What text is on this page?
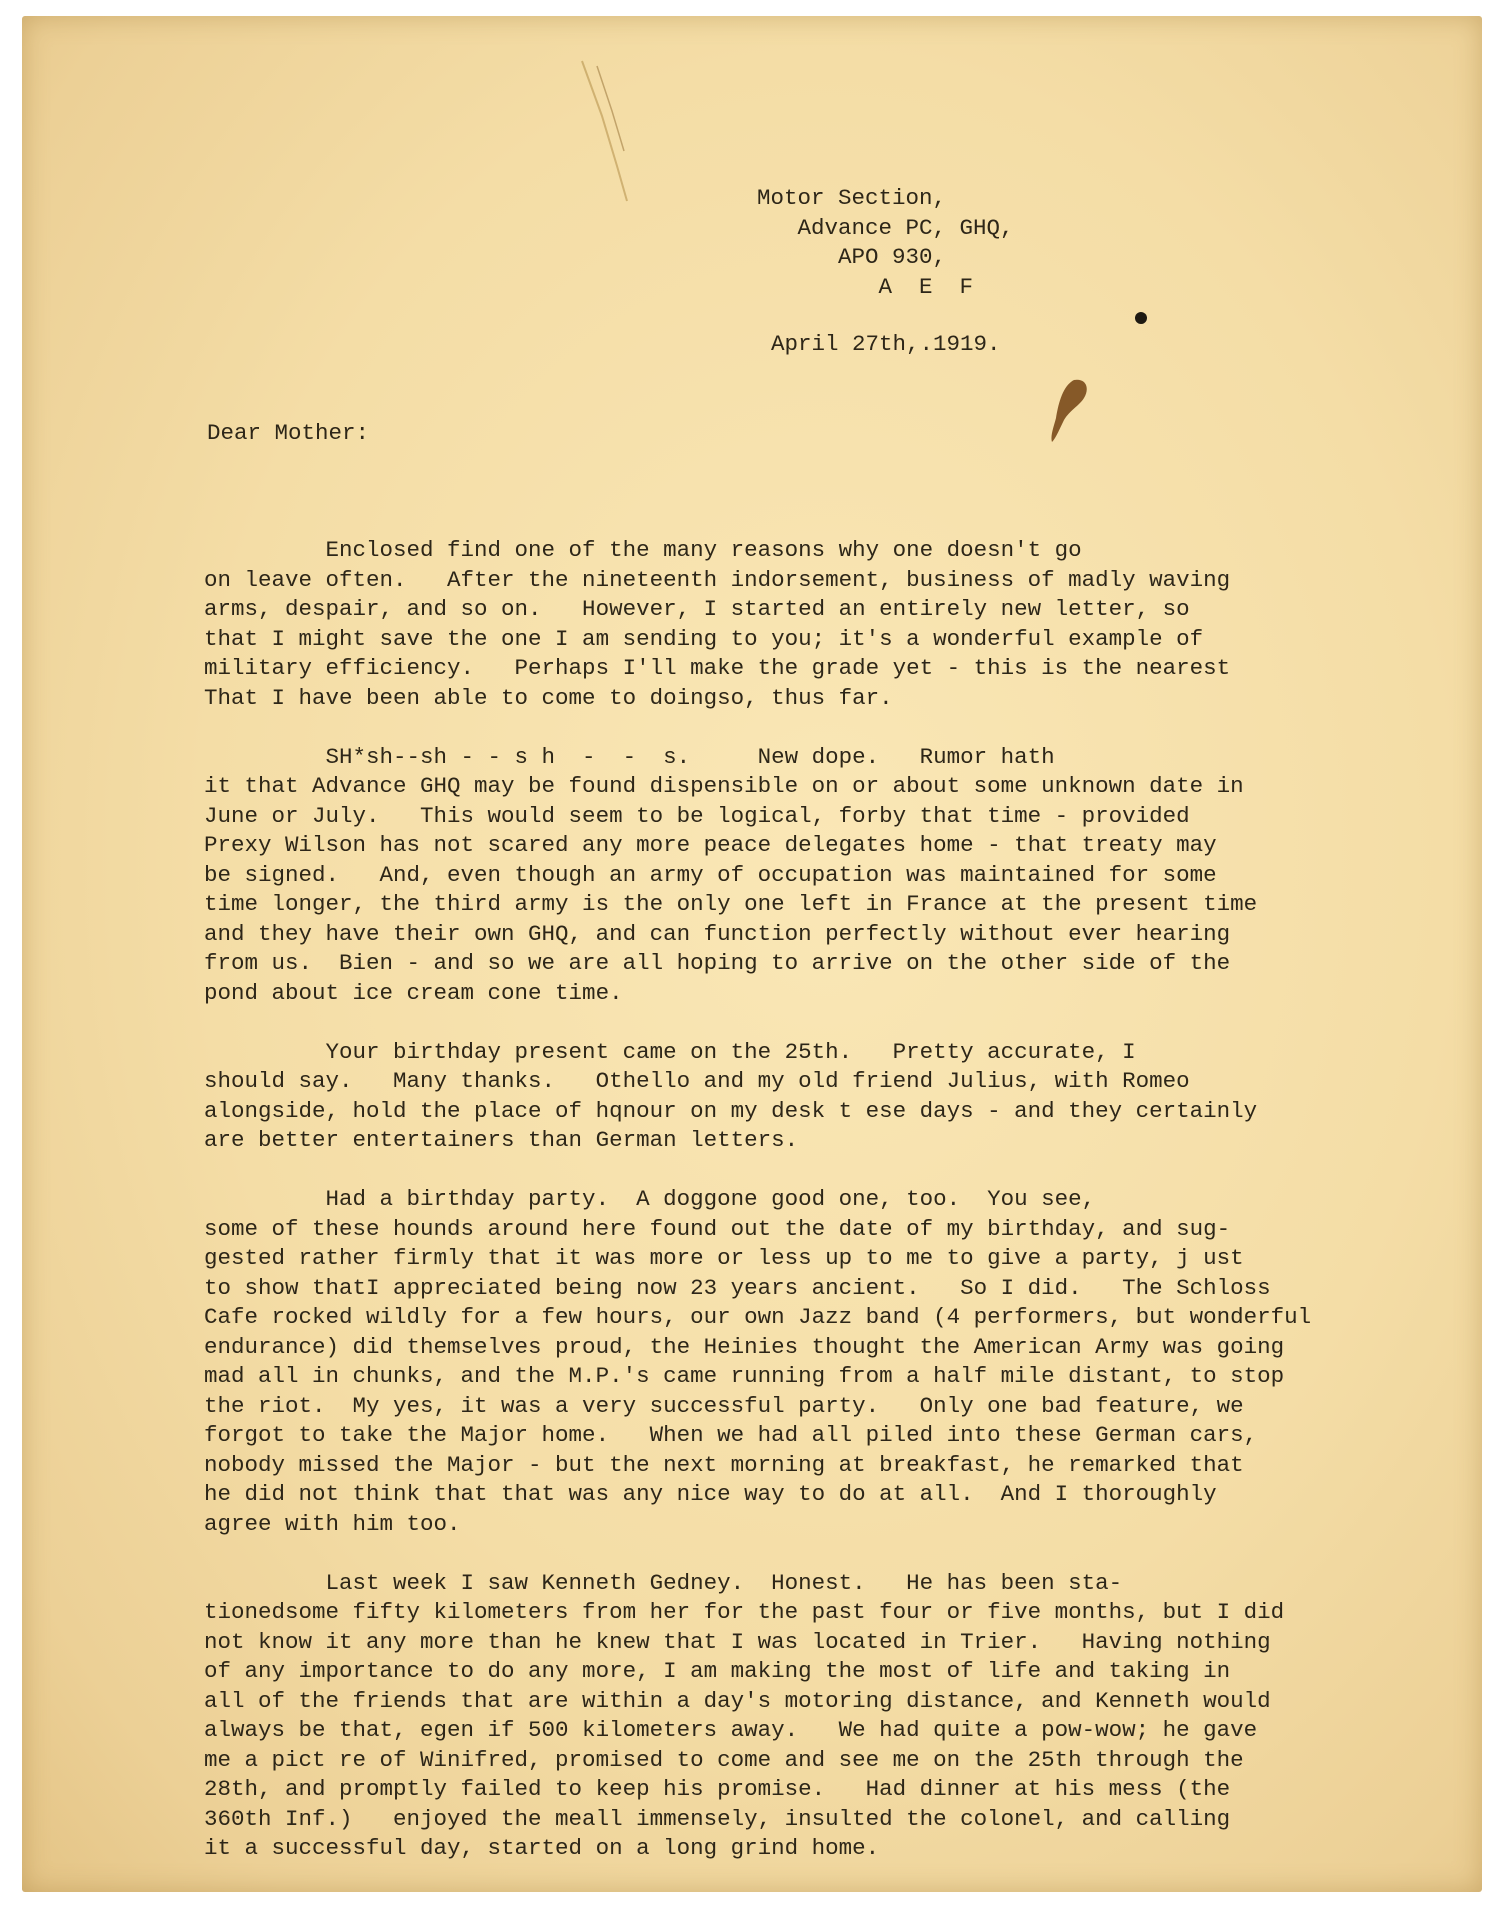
Motor Section,
Advance PC, GHQ,
APO 930,
A  E  F
April 27th,.1919.
Dear Mother:
Enclosed find one of the many reasons why one doesn't go
on leave often.   After the nineteenth indorsement, business of madly waving
arms, despair, and so on.   However, I started an entirely new letter, so
that I might save the one I am sending to you; it's a wonderful example of
military efficiency.   Perhaps I'll make the grade yet - this is the nearest
That I have been able to come to doingso, thus far.
SH*sh--sh - - s h  -  -  s.     New dope.   Rumor hath
it that Advance GHQ may be found dispensible on or about some unknown date in
June or July.   This would seem to be logical, forby that time - provided
Prexy Wilson has not scared any more peace delegates home - that treaty may
be signed.   And, even though an army of occupation was maintained for some
time longer, the third army is the only one left in France at the present time
and they have their own GHQ, and can function perfectly without ever hearing
from us.  Bien - and so we are all hoping to arrive on the other side of the
pond about ice cream cone time.
Your birthday present came on the 25th.   Pretty accurate, I
should say.   Many thanks.   Othello and my old friend Julius, with Romeo
alongside, hold the place of hqnour on my desk t ese days - and they certainly
are better entertainers than German letters.
Had a birthday party.  A doggone good one, too.  You see,
some of these hounds around here found out the date of my birthday, and sug-
gested rather firmly that it was more or less up to me to give a party, j ust
to show thatI appreciated being now 23 years ancient.   So I did.   The Schloss
Cafe rocked wildly for a few hours, our own Jazz band (4 performers, but wonderful
endurance) did themselves proud, the Heinies thought the American Army was going
mad all in chunks, and the M.P.'s came running from a half mile distant, to stop
the riot.  My yes, it was a very successful party.   Only one bad feature, we
forgot to take the Major home.   When we had all piled into these German cars,
nobody missed the Major - but the next morning at breakfast, he remarked that
he did not think that that was any nice way to do at all.  And I thoroughly
agree with him too.
Last week I saw Kenneth Gedney.  Honest.   He has been sta-
tionedsome fifty kilometers from her for the past four or five months, but I did
not know it any more than he knew that I was located in Trier.   Having nothing
of any importance to do any more, I am making the most of life and taking in
all of the friends that are within a day's motoring distance, and Kenneth would
always be that, egen if 500 kilometers away.   We had quite a pow-wow; he gave
me a pict re of Winifred, promised to come and see me on the 25th through the
28th, and promptly failed to keep his promise.   Had dinner at his mess (the
360th Inf.)   enjoyed the meall immensely, insulted the colonel, and calling
it a successful day, started on a long grind home.
